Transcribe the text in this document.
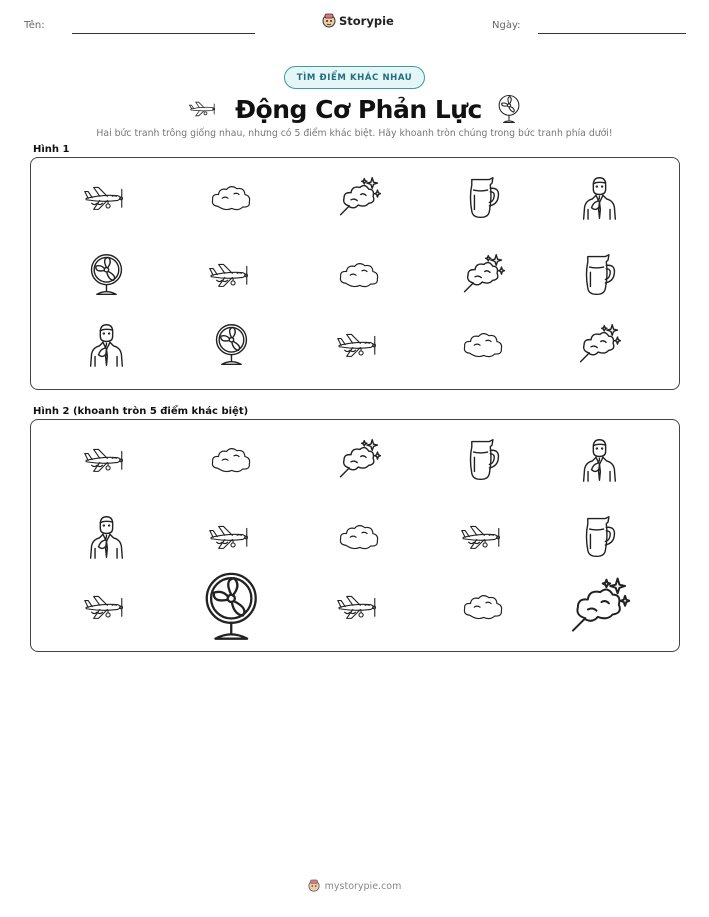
Tên:	Storypie	Ngày:
TÌM ĐIỂM KHÁC NHAU
Động Cơ Phản Lực
Hai bức tranh trông giống nhau, nhưng có 5 điểm khác biệt. Hãy khoanh tròn chúng trong bức tranh phía dưới!
Hình 1
Hình 2 (khoanh tròn 5 điểm khác biệt)
mystorypie.com
